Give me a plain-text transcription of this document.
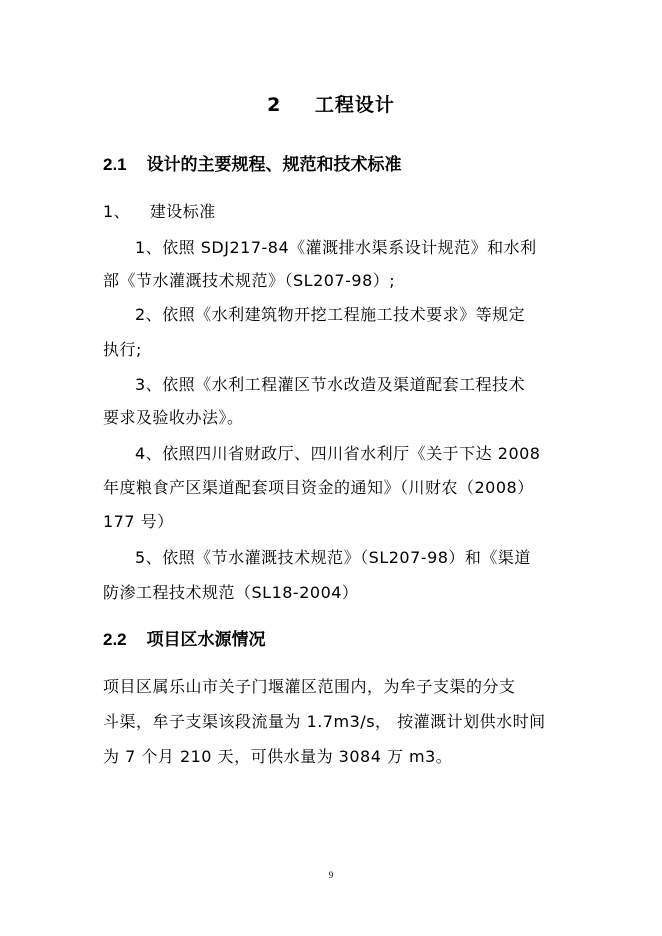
2 工程设计
2.1 设计的主要规程、规范和技术标准
1、 建设标准
1、依照 SDJ217-84《灌溉排水渠系设计规范》和水利
部《节水灌溉技术规范》（SL207-98）;
2、依照《水利建筑物开挖工程施工技术要求》等规定
执行;
3、依照《水利工程灌区节水改造及渠道配套工程技术
要求及验收办法》。
4、依照四川省财政厅、四川省水利厅《关于下达 2008
年度粮食产区渠道配套项目资金的通知》（川财农（2008）
177 号）
5、依照《节水灌溉技术规范》（SL207-98）和《渠道
防渗工程技术规范（SL18-2004）
2.2 项目区水源情况
项目区属乐山市关子门堰灌区范围内，为牟子支渠的分支
斗渠，牟子支渠该段流量为 1.7m3/s， 按灌溉计划供水时间
为 7 个月 210 天，可供水量为 3084 万 m3。
9
